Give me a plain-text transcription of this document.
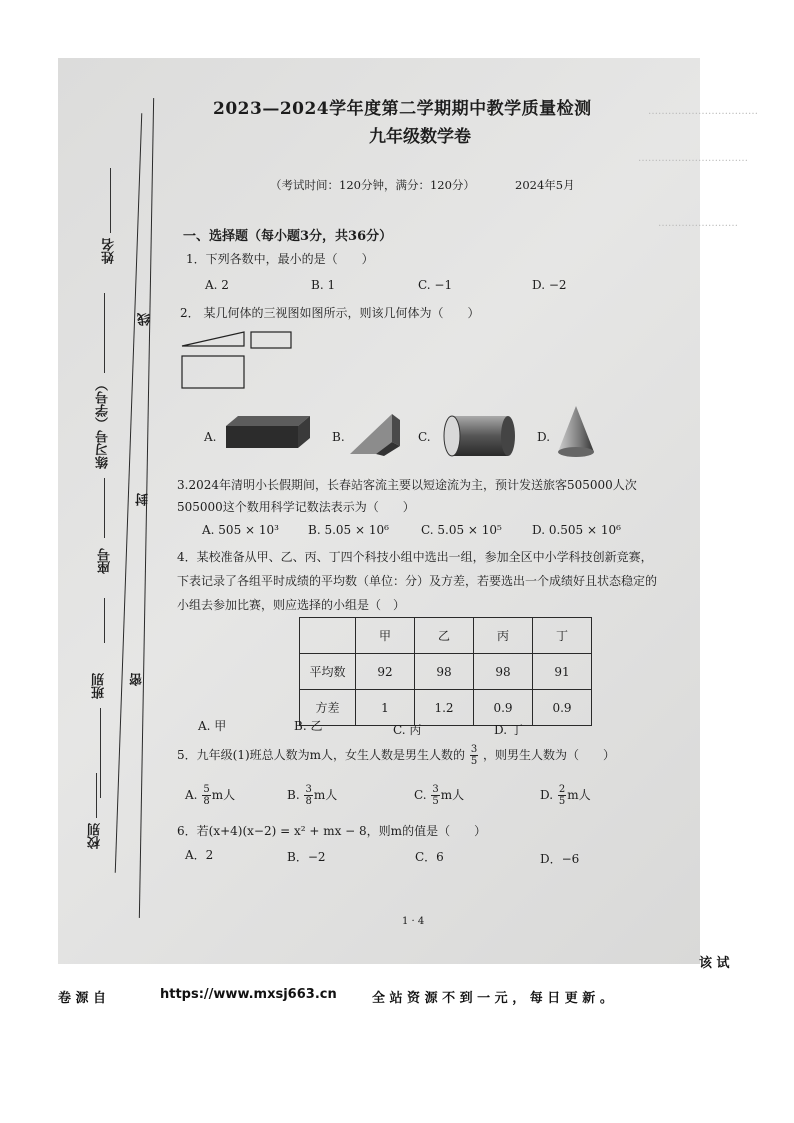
……………………………
……………………………
……………………
姓名
线
练习号（学号）
封
座号
密
班别
校别
2023—2024学年度第二学期期中教学质量检测
九年级数学卷
（考试时间：120分钟，满分：120分）	2024年5月
一、选择题（每小题3分，共36分）
1．下列各数中，最小的是（　　）
A. 2	B. 1	C. −1	D. −2
2． 某几何体的三视图如图所示，则该几何体为（　　）
A.	B.	C.	D.
3.2024年清明小长假期间，长春站客流主要以短途流为主，预计发送旅客505000人次
505000这个数用科学记数法表示为（　　）
A. 505 × 10³ B. 5.05 × 10⁶	C. 5.05 × 10⁵	D. 0.505 × 10⁶
4．某校准备从甲、乙、丙、丁四个科技小组中选出一组，参加全区中小学科技创新竞赛，
下表记录了各组平时成绩的平均数（单位：分）及方差，若要选出一个成绩好且状态稳定的
小组去参加比赛，则应选择的小组是（　）
5．九年级(1)班总人数为m人，女生人数是男生人数的 $\frac{3}{5}$ ，则男生人数为（　　）
A. $\frac{5}{8}$ m人	B. $\frac{3}{8}$ m人	C. $\frac{3}{5}$ m人	D. $\frac{2}{5}$ m人
6．若(x+4)(x−2) = x² + mx − 8，则m的值是（　　）
A．2	B．−2	C．6	D．−6
1 · 4
	甲	乙	丙	丁
平均数	92	98	98	91
方差	1	1.2	0.9	0.9
A. 甲	B. 乙	C. 丙	D. 丁
该 试
卷 源 自	https://www.mxsj663.cn	全 站 资 源 不 到 一 元 ， 每 日 更 新 。
